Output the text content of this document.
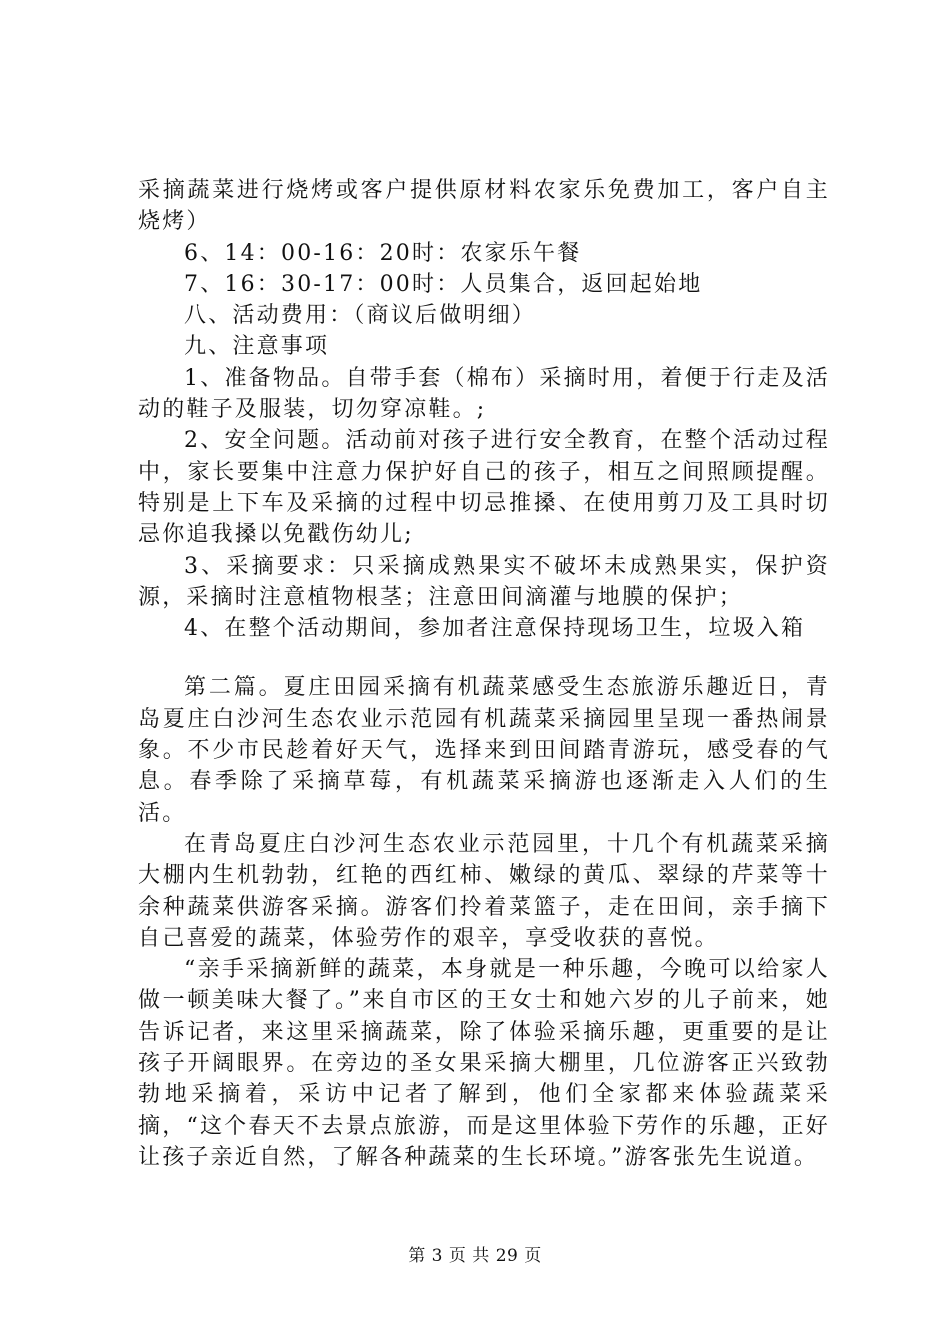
采摘蔬菜进行烧烤或客户提供原材料农家乐免费加工，客户自主烧烤）

6、14：00-16：20时：农家乐午餐

7、16：30-17：00时：人员集合，返回起始地

八、活动费用：（商议后做明细）

九、注意事项

1、准备物品。自带手套（棉布）采摘时用，着便于行走及活动的鞋子及服装，切勿穿凉鞋。;

2、安全问题。活动前对孩子进行安全教育，在整个活动过程中，家长要集中注意力保护好自己的孩子，相互之间照顾提醒。特别是上下车及采摘的过程中切忌推搡、在使用剪刀及工具时切忌你追我搡以免戳伤幼儿;

3、采摘要求：只采摘成熟果实不破坏未成熟果实，保护资源，采摘时注意植物根茎；注意田间滴灌与地膜的保护；

4、在整个活动期间，参加者注意保持现场卫生，垃圾入箱

第二篇。夏庄田园采摘有机蔬菜感受生态旅游乐趣近日，青岛夏庄白沙河生态农业示范园有机蔬菜采摘园里呈现一番热闹景象。不少市民趁着好天气，选择来到田间踏青游玩，感受春的气息。春季除了采摘草莓，有机蔬菜采摘游也逐渐走入人们的生活。

在青岛夏庄白沙河生态农业示范园里，十几个有机蔬菜采摘大棚内生机勃勃，红艳的西红柿、嫩绿的黄瓜、翠绿的芹菜等十余种蔬菜供游客采摘。游客们拎着菜篮子，走在田间，亲手摘下自己喜爱的蔬菜，体验劳作的艰辛，享受收获的喜悦。

“亲手采摘新鲜的蔬菜，本身就是一种乐趣，今晚可以给家人做一顿美味大餐了。”来自市区的王女士和她六岁的儿子前来，她告诉记者，来这里采摘蔬菜，除了体验采摘乐趣，更重要的是让孩子开阔眼界。在旁边的圣女果采摘大棚里，几位游客正兴致勃勃地采摘着，采访中记者了解到，他们全家都来体验蔬菜采摘，“这个春天不去景点旅游，而是这里体验下劳作的乐趣，正好让孩子亲近自然，了解各种蔬菜的生长环境。”游客张先生说道。

第 3 页 共 29 页
